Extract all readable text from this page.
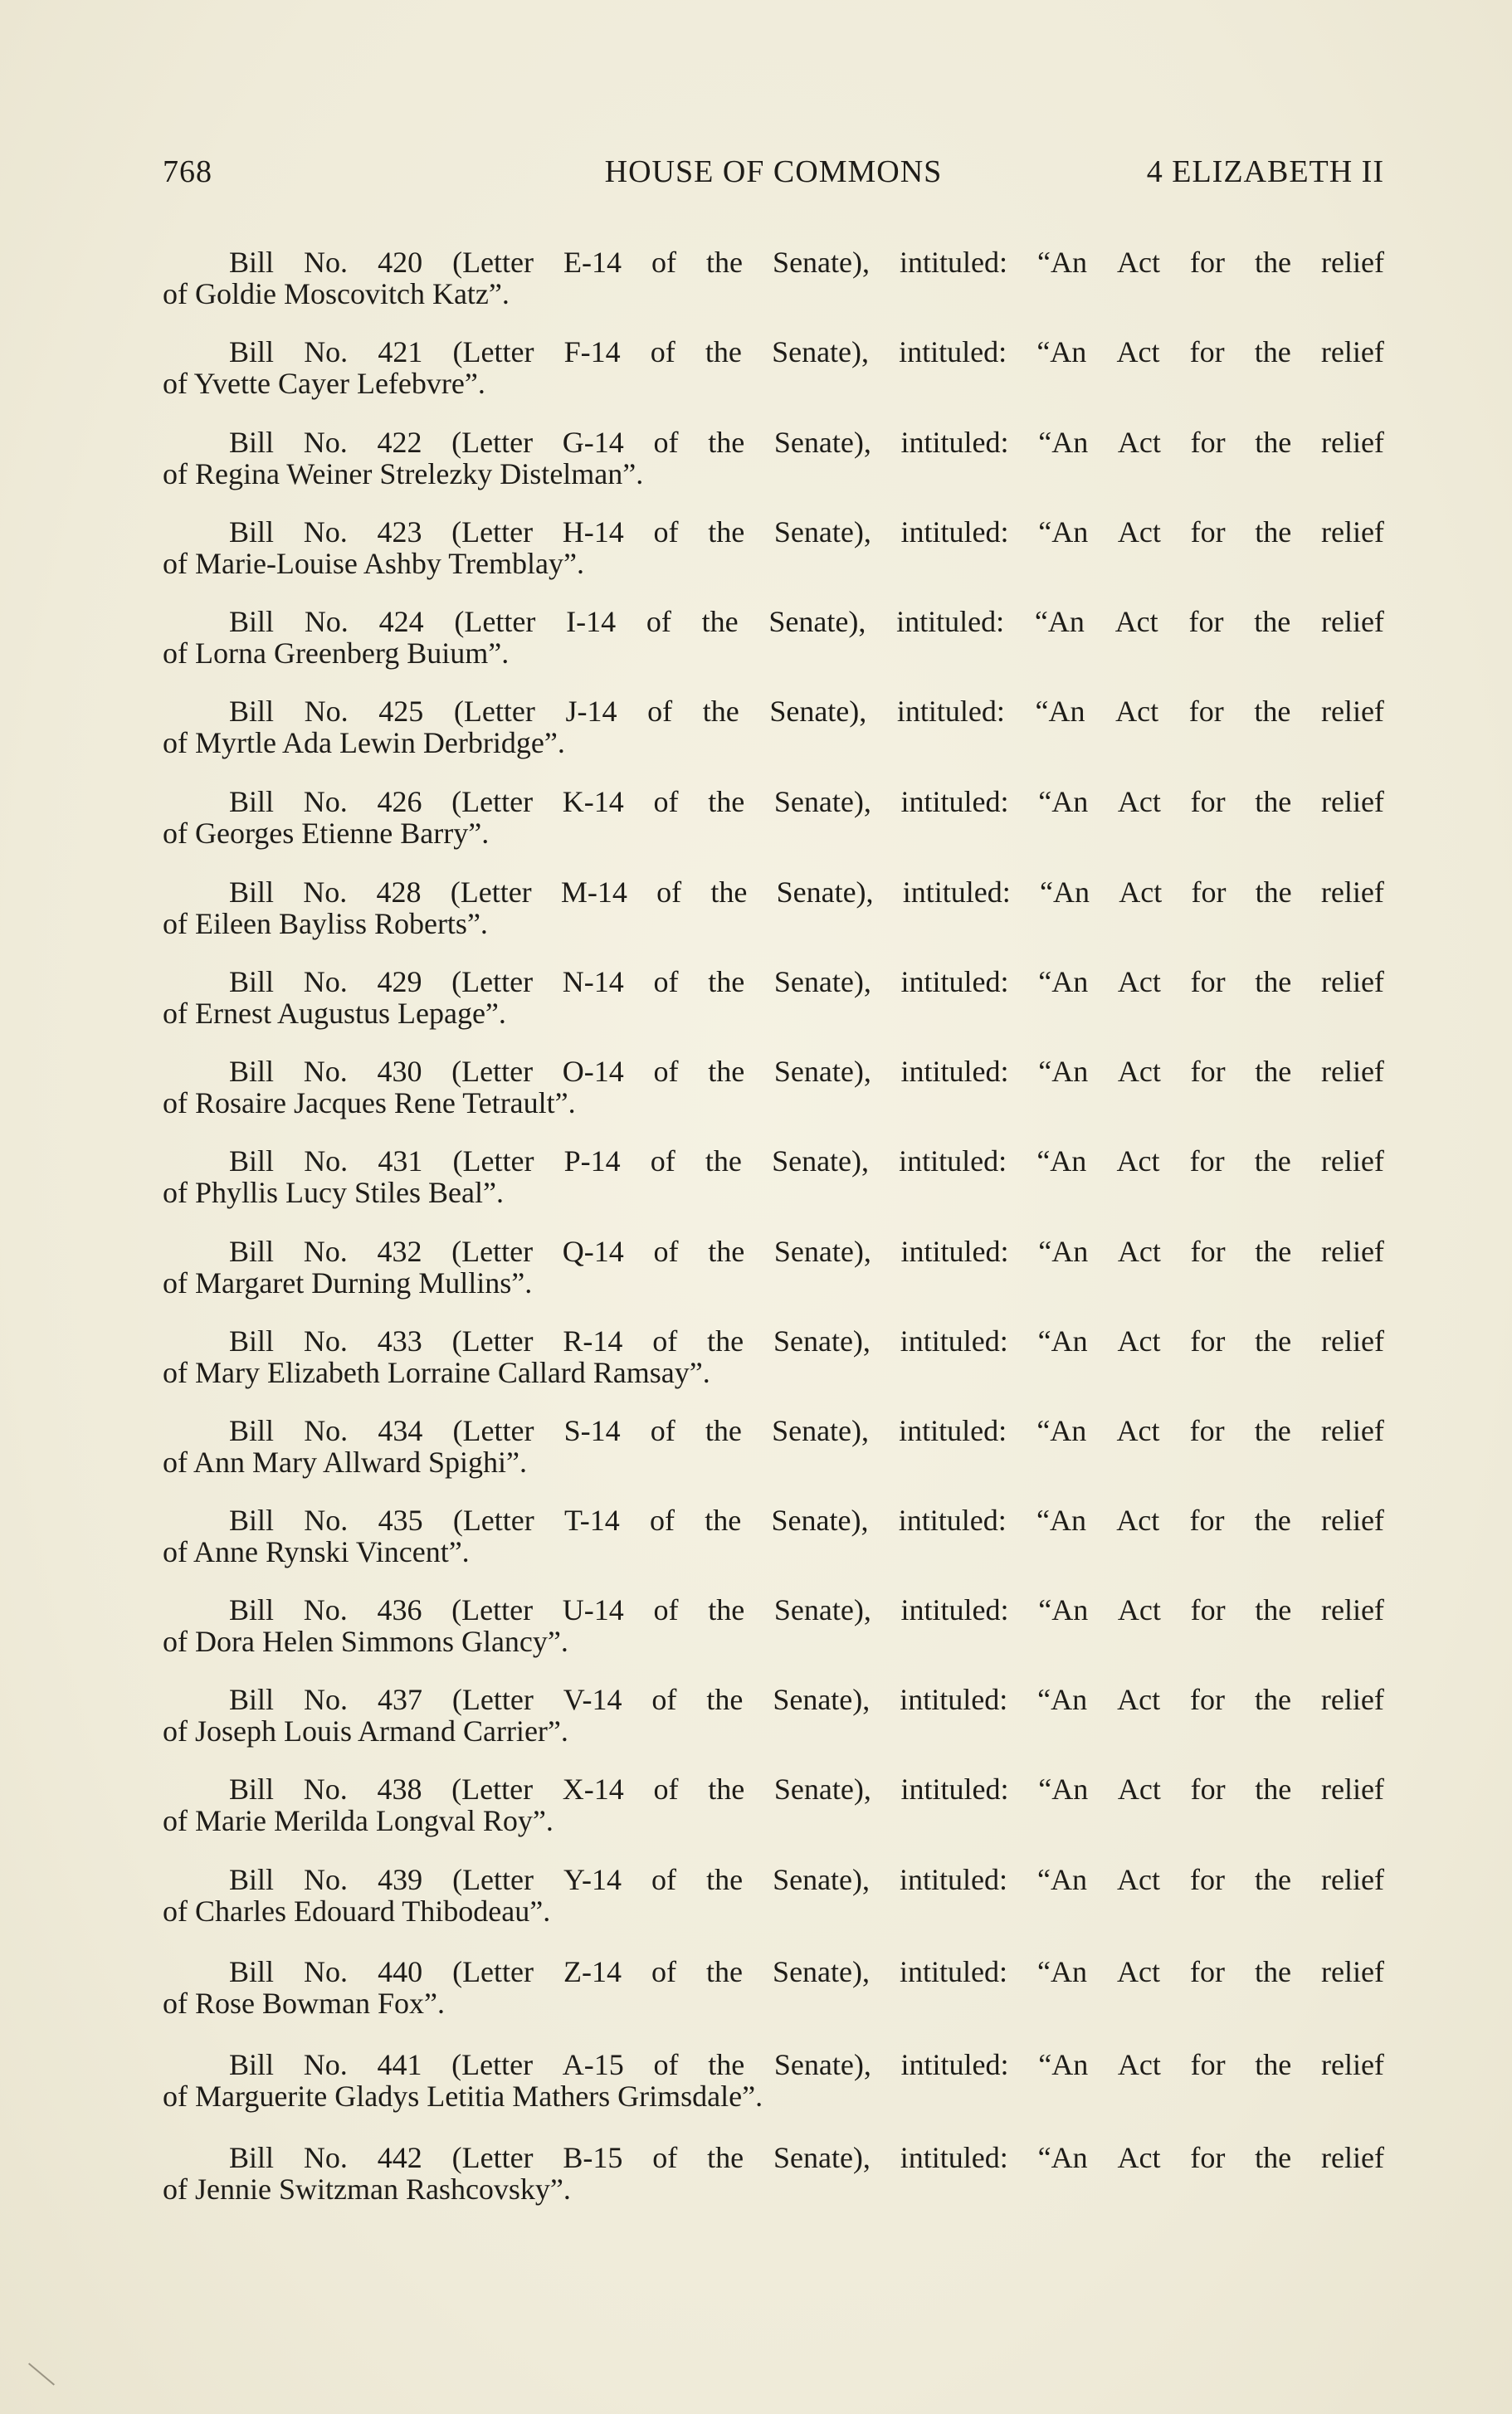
768	HOUSE OF COMMONS	4 ELIZABETH II
Bill No. 420 (Letter E-14 of the Senate), intituled: “An Act for the relief
of Goldie Moscovitch Katz”.
Bill No. 421 (Letter F-14 of the Senate), intituled: “An Act for the relief
of Yvette Cayer Lefebvre”.
Bill No. 422 (Letter G-14 of the Senate), intituled: “An Act for the relief
of Regina Weiner Strelezky Distelman”.
Bill No. 423 (Letter H-14 of the Senate), intituled: “An Act for the relief
of Marie-Louise Ashby Tremblay”.
Bill No. 424 (Letter I-14 of the Senate), intituled: “An Act for the relief
of Lorna Greenberg Buium”.
Bill No. 425 (Letter J-14 of the Senate), intituled: “An Act for the relief
of Myrtle Ada Lewin Derbridge”.
Bill No. 426 (Letter K-14 of the Senate), intituled: “An Act for the relief
of Georges Etienne Barry”.
Bill No. 428 (Letter M-14 of the Senate), intituled: “An Act for the relief
of Eileen Bayliss Roberts”.
Bill No. 429 (Letter N-14 of the Senate), intituled: “An Act for the relief
of Ernest Augustus Lepage”.
Bill No. 430 (Letter O-14 of the Senate), intituled: “An Act for the relief
of Rosaire Jacques Rene Tetrault”.
Bill No. 431 (Letter P-14 of the Senate), intituled: “An Act for the relief
of Phyllis Lucy Stiles Beal”.
Bill No. 432 (Letter Q-14 of the Senate), intituled: “An Act for the relief
of Margaret Durning Mullins”.
Bill No. 433 (Letter R-14 of the Senate), intituled: “An Act for the relief
of Mary Elizabeth Lorraine Callard Ramsay”.
Bill No. 434 (Letter S-14 of the Senate), intituled: “An Act for the relief
of Ann Mary Allward Spighi”.
Bill No. 435 (Letter T-14 of the Senate), intituled: “An Act for the relief
of Anne Rynski Vincent”.
Bill No. 436 (Letter U-14 of the Senate), intituled: “An Act for the relief
of Dora Helen Simmons Glancy”.
Bill No. 437 (Letter V-14 of the Senate), intituled: “An Act for the relief
of Joseph Louis Armand Carrier”.
Bill No. 438 (Letter X-14 of the Senate), intituled: “An Act for the relief
of Marie Merilda Longval Roy”.
Bill No. 439 (Letter Y-14 of the Senate), intituled: “An Act for the relief
of Charles Edouard Thibodeau”.
Bill No. 440 (Letter Z-14 of the Senate), intituled: “An Act for the relief
of Rose Bowman Fox”.
Bill No. 441 (Letter A-15 of the Senate), intituled: “An Act for the relief
of Marguerite Gladys Letitia Mathers Grimsdale”.
Bill No. 442 (Letter B-15 of the Senate), intituled: “An Act for the relief
of Jennie Switzman Rashcovsky”.
